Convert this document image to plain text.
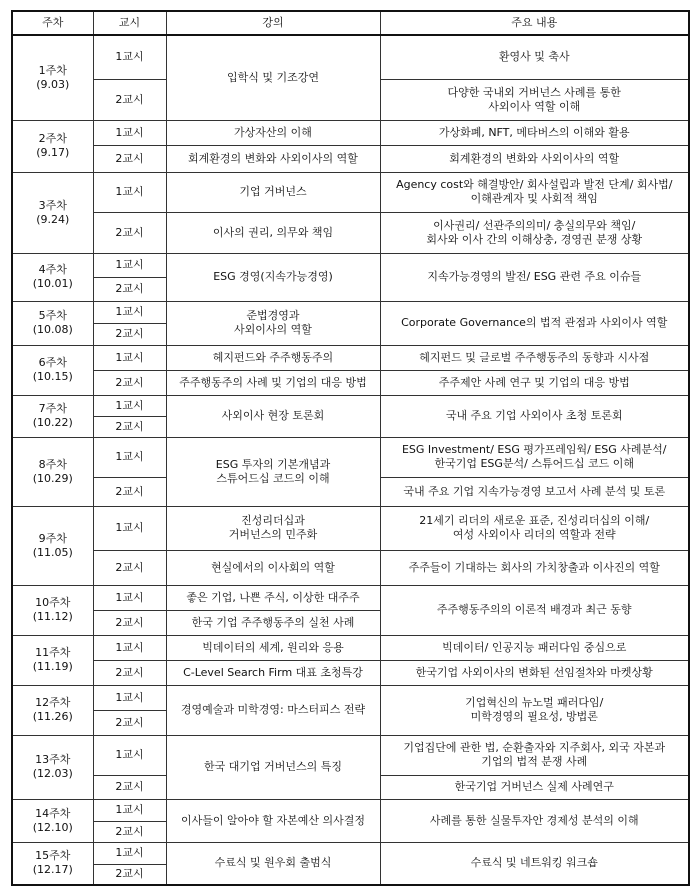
주차	교시	강의	주요 내용
1주차
(9.03)	1교시	입학식 및 기조강연	환영사 및 축사
	2교시		다양한 국내외 거버넌스 사례를 통한
사외이사 역할 이해
2주차
(9.17)	1교시	가상자산의 이해	가상화폐, NFT, 메타버스의 이해와 활용
	2교시	회계환경의 변화와 사외이사의 역할	회계환경의 변화와 사외이사의 역할
3주차
(9.24)	1교시	기업 거버넌스	Agency cost와 해결방안/ 회사설립과 발전 단계/ 회사법/
이해관계자 및 사회적 책임
	2교시	이사의 권리, 의무와 책임	이사권리/ 선관주의의미/ 충실의무와 책임/
회사와 이사 간의 이해상충, 경영권 분쟁 상황
4주차
(10.01)	1교시	ESG 경영(지속가능경영)	지속가능경영의 발전/ ESG 관련 주요 이슈들
	2교시		
5주차
(10.08)	1교시	준법경영과
사외이사의 역할	Corporate Governance의 법적 관점과 사외이사 역할
	2교시		
6주차
(10.15)	1교시	헤지펀드와 주주행동주의	헤지펀드 및 글로벌 주주행동주의 동향과 시사점
	2교시	주주행동주의 사례 및 기업의 대응 방법	주주제안 사례 연구 및 기업의 대응 방법
7주차
(10.22)	1교시	사외이사 현장 토론회	국내 주요 기업 사외이사 초청 토론회
	2교시		
8주차
(10.29)	1교시	ESG 투자의 기본개념과
스튜어드십 코드의 이해	ESG Investment/ ESG 평가프레임웍/ ESG 사례분석/
한국기업 ESG분석/ 스튜어드십 코드 이해
	2교시		국내 주요 기업 지속가능경영 보고서 사례 분석 및 토론
9주차
(11.05)	1교시	진성리더십과
거버넌스의 민주화	21세기 리더의 새로운 표준, 진성리더십의 이해/
여성 사외이사 리더의 역할과 전략
	2교시	현실에서의 이사회의 역할	주주들이 기대하는 회사의 가치창출과 이사진의 역할
10주차
(11.12)	1교시	좋은 기업, 나쁜 주식, 이상한 대주주	주주행동주의의 이론적 배경과 최근 동향
	2교시	한국 기업 주주행동주의 실천 사례	
11주차
(11.19)	1교시	빅데이터의 세계, 원리와 응용	빅데이터/ 인공지능 패러다임 중심으로
	2교시	C-Level Search Firm 대표 초청특강	한국기업 사외이사의 변화된 선임절차와 마켓상황
12주차
(11.26)	1교시	경영예술과 미학경영: 마스터피스 전략	기업혁신의 뉴노멀 패러다임/
미학경영의 필요성, 방법론
	2교시		
13주차
(12.03)	1교시	한국 대기업 거버넌스의 특징	기업집단에 관한 법, 순환출자와 지주회사, 외국 자본과
기업의 법적 분쟁 사례
	2교시		한국기업 거버넌스 실제 사례연구
14주차
(12.10)	1교시	이사들이 알아야 할 자본예산 의사결정	사례를 통한 실물투자안 경제성 분석의 이해
	2교시		
15주차
(12.17)	1교시	수료식 및 원우회 출범식	수료식 및 네트워킹 워크숍
	2교시		
